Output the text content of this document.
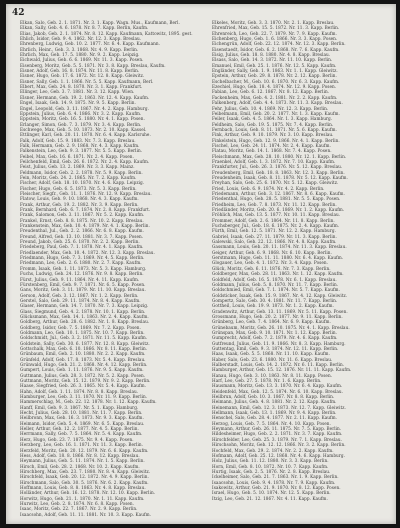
42

Elkan, Salo, Geb. 2. 1. 1871. Nr. 3. 1. Kapp. Wagn. Mus., Kaufmann, Berl.

Elkan, Sally, Geb. 4. 6. 1878. Nr. 8. 7. Kapp. Berlin, Kaufm.

Elias, Jakob, Geb. 2. 1. 1874. Nr. 8. 12. Kapp. Kaufmann, Kattowitz, 1895. gest.

Ehlich, Isidor, Geb. 9. 4. 1862. Nr. 12. 3. Kapp. Breslau.

Ehrenberg, Ludwig, Geb. 10. 2. 1877. Nr. 6. 4. Kapp. Kaufmann.

Ehrlich, Heinr., Geb. 3. 3. 1868. Nr. 4. 9. Kapp. Berlin.

Ehrlich, Max, Geb. 17. 5. 1880. Nr. 9. 2. Kapp. Leipzig.

Eichwald, Julius, Geb. 6. 6. 1869. Nr. 11. 3. Kapp. Posen.

Eisenberg, Moritz, Geb. 5. 5. 1871. Nr. 3. 8. Kapp. Breslau, Kaufm.

Eisner, Adolf, Geb. 16. 8. 1874. Nr. 11. 8. Kapp. Berlin.

Eisner, Hugo, Geb. 17. 6. 1872. Nr. 12. 8. Kapp. Gleiwitz.

Eisner, Sally, Geb. 1. 1. 1866. Nr. 5. 5. Kapp. Kaufmann, Berl.

Elbert, Max, Geb. 24. 8. 1870. Nr. 3. 1. Kapp. Frankfurt.

Ellinger, Leo, Geb. 3. 7. 1881. Nr. 3. 12. Kapp. Wien.

Elsner, Hermann, Geb. 19. 2. 1863. Nr. 12. 4. Kapp. Kaufm.

Engel, Isaak, Geb. 14. 9. 1875. Nr. 9. 5. Kapp. Berlin.

Engel, Leopold, Geb. 3. 11. 1867. Nr. 4. 2. Kapp. Hamburg.

Eppstein, Julius, Geb. 6. 4. 1866. Nr. 3. 2. Kapp. Kaufm.

Eppstein, Moritz, Geb. 16. 5. 1880. Nr. 4. 1. Kapp. Posen.

Erlanger, Simon, Geb. 7. 3. 1879. Nr. 3. 4. Kapp. Berlin.

Eschwege, Max, Geb. 5. 10. 1873. Nr. 2. 10. Kapp. Kassel.

Ettlinger, Karl, Geb. 20. 11. 1870. Nr. 6. 4. Kapp. Karlsruhe.

Falk, Adolf, Geb. 15. 9. 1883. Nr. 7. 3. Kapp. Breslau.

Falk, Hermann, Geb. 2. 9. 1868. Nr. 4. 3. Kapp. Kaufm.

Falkenstein, Leo, Geb. 9. 3. 1877. Nr. 5. 5. Kapp. Berlin.

Feibel, Max, Geb. 16. 6. 1871. Nr. 2. 4. Kapp. Posen.

Feilchenfeld, Emil, Geb. 26. 6. 1872. Nr. 2. 4. Kapp. Kaufm.

Feist, Julius, Geb. 13. 2. 1869. Nr. 3. 3. Kapp. Mainz.

Feldmann, Isidor, Geb. 2. 2. 1878. Nr. 5. 9. Kapp. Berlin.

Fein, Moritz, Geb. 24. 2. 1865. Nr. 7. 2. Kapp. Kaufm.

Fischer, Adolf, Geb. 18. 10. 1870. Nr. 4. 6. Kapp. Leipzig.

Fischer, Hugo, Geb. 6. 5. 1873. Nr. 5. 3. Kapp. Berlin.

Fleischer, Siegfr., Geb. 11. 1. 1876. Nr. 12. 9. Kapp. Breslau.

Flatow, Louis, Geb. 9. 10. 1868. Nr. 4. 3. Kapp. Kaufm.

Frank, Arthur, Geb. 19. 2. 1882. Nr. 3. 9. Kapp. Berlin.

Frank, Bernhard, Geb. 6. 7. 1874. Nr. 2. 8. Kapp. Frankfurt.

Frank, Salomon, Geb. 3. 11. 1867. Nr. 5. 2. Kapp. Kaufm.

Frankel, Ernst, Geb. 8. 8. 1875. Nr. 10. 2. Kapp. Breslau.

Frankenstein, Max, Geb. 10. 4. 1879. Nr. 4. 1. Kapp. Berlin.

Freudenthal, Jul., Geb. 2. 2. 1866. Nr. 6. 8. Kapp. Kaufm.

Freund, Alfred, Geb. 13. 10. 1881. Nr. 3. 7. Kapp. Posen.

Freund, Jakob, Geb. 25. 6. 1870. Nr. 2. 2. Kapp. Berlin.

Friedeberg, Paul, Geb. 7. 1. 1878. Nr. 4. 1. Kapp. Kaufm.

Friedlaender, Max, Geb. 10. 4. 1872. Nr. 12. 3. Kapp. Breslau.

Friedmann, Hugo, Geb. 7. 3. 1869. Nr. 4. 5. Kapp. Berlin.

Friedmann, Leo, Geb. 2. 6. 1880. Nr. 2. 7. Kapp. Kaufm.

Fromm, Isaak, Geb. 1. 11. 1873. Nr. 5. 3. Kapp. Hamburg.

Fuchs, Ludwig, Geb. 24. 12. 1876. Nr. 9. 8. Kapp. Berlin.

Fürst, Julius, Geb. 9. 11. 1864. Nr. 4. 11. Kapp. Kaufm.

Fürstenberg, Emil, Geb. 9. 7. 1871. Nr. 6. 5. Kapp. Posen.

Gans, Moritz, Geb. 3. 11. 1879. Nr. 11. 10. Kapp. Breslau.

Gerson, Adolf, Geb. 3. 12. 1867. Nr. 1. 2. Kapp. Berlin.

Gerstel, Salo, Geb. 29. 11. 1874. Nr. 8. 4. Kapp. Kaufm.

Glaser, Hermann, Geb. 14. 7. 1870. Nr. 7. 3. Kapp. Leipzig.

Glass, Siegmund, Geb. 4. 2. 1878. Nr. 10. 1. Kapp. Berlin.

Glücksmann, Max, Geb. 14. 1. 1863. Nr. 2. 4. Kapp. Kaufm.

Goldberg, Arthur, Geb. 28. 6. 1882. Nr. 1. 8. Kapp. Breslau.

Goldberg, Isidor, Geb. 7. 5. 1869. Nr. 7. 2. Kapp. Posen.

Goldmann, Leo, Geb. 10. 1. 1875. Nr. 10. 7. Kapp. Berlin.

Goldschmidt, Jul., Geb. 3. 2. 1871. Nr. 11. 5. Kapp. Kaufm.

Goldstein, Sally, Geb. 30. 6. 1877. Nr. 12. 8. Kapp. Gleiwitz.

Gottschalk, Max, Geb. 6. 10. 1866. Nr. 8. 11. Kapp. Berlin.

Grünbaum, Emil, Geb. 2. 10. 1880. Nr. 2. 2. Kapp. Kaufm.

Grünfeld, Adolf, Geb. 17. 8. 1873. Nr. 5. 4. Kapp. Breslau.

Grünwald, Hugo, Geb. 21. 2. 1868. Nr. 4. 12. Kapp. Berlin.

Gumpert, Louis, Geb. 1. 11. 1876. Nr. 9. 5. Kapp. Kaufm.

Guttmann, Julius, Geb. 28. 3. 1872. Nr. 5. 2. Kapp. Posen.

Guttmann, Moritz, Geb. 15. 12. 1879. Nr. 9. 2. Kapp. Berlin.

Haase, Siegfried, Geb. 26. 3. 1865. Nr. 5. 4. Kapp. Kaufm.

Hahn, Adolf, Geb. 1. 11. 1874. Nr. 8. 8. Kapp. Breslau.

Hamburger, Leo, Geb. 3. 11. 1870. Nr. 11. 9. Kapp. Berlin.

Hammerschlag, M., Geb. 22. 12. 1878. Nr. 1. 12. Kapp. Kaufm.

Hanff, Emil, Geb. 9. 3. 1867. Nr. 5. 1. Kapp. Hamburg.

Hecht, Julius, Geb. 28. 10. 1881. Nr. 11. 7. Kapp. Berlin.

Heilbronn, Max, Geb. 16. 3. 1873. Nr. 9. 3. Kapp. Kaufm.

Heimann, Isidor, Geb. 5. 4. 1869. Nr. 6. 5. Kapp. Breslau.

Heller, Arthur, Geb. 12. 2. 1877. Nr. 4. 5. Kapp. Berlin.

Herrmann, Sally, Geb. 7. 5. 1864. Nr. 5. 4. Kapp. Kaufm.

Herz, Hugo, Geb. 23. 7. 1875. Nr. 9. 4. Kapp. Posen.

Herzberg, Leo, Geb. 16. 1. 1871. Nr. 11. 3. Kapp. Berlin.

Herzfeld, Moritz, Geb. 20. 12. 1879. Nr. 6. 6. Kapp. Kaufm.

Hess, Adolf, Geb. 18. 8. 1866. Nr. 8. 12. Kapp. Breslau.

Heymann, Julius, Geb. 5. 11. 1874. Nr. 1. 5. Kapp. Berlin.

Hirsch, Emil, Geb. 28. 2. 1868. Nr. 10. 2. Kapp. Kaufm.

Hirschberg, Max, Geb. 23. 7. 1880. Nr. 8. 4. Kapp. Gleiwitz.

Hirschfeld, Isaak, Geb. 20. 12. 1872. Nr. 4. 9. Kapp. Berlin.

Hirschmann, Salo, Geb. 30. 5. 1876. Nr. 6. 2. Kapp. Kaufm.

Hoffmann, Louis, Geb. 8. 8. 1863. Nr. 4. 8. Kapp. Breslau.

Holländer, Arthur, Geb. 16. 12. 1878. Nr. 12. 10. Kapp. Berlin.

Horwitz, Hugo, Geb. 21. 1. 1870. Nr. 1. 11. Kapp. Kaufm.

Hurwitz, Leo, Geb. 2. 8. 1874. Nr. 6. 8. Kapp. Posen.

Isaac, Moritz, Geb. 22. 7. 1867. Nr. 2. 9. Kapp. Berlin.

Isaacsohn, Adolf, Geb. 11. 11. 1881. Nr. 10. 3. Kapp. Kaufm.

Elkeles, Moritz, Geb. 3. 3. 1870. Nr. 2. 1. Kapp. Breslau.

Ehrenfried, Max, Geb. 15. 5. 1872. Nr. 11. 3. Kapp. Berlin.

Ehrenreich, Leo, Geb. 22. 7. 1879. Nr. 7. 9. Kapp. Kaufm.

Eichenberg, Hugo, Geb. 1. 6. 1866. Nr. 3. 3. Kapp. Posen.

Eichengrün, Adolf, Geb. 22. 12. 1874. Nr. 12. 3. Kapp. Berlin.

Eisenstaedt, Isidor, Geb. 6. 2. 1868. Nr. 7. 6. Kapp. Kaufm.

Eisig, Julius, Geb. 18. 8. 1880. Nr. 4. 8. Kapp. Breslau.

Elsass, Salo, Geb. 14. 3. 1872. Nr. 11. 10. Kapp. Berlin.

Emanuel, Emil, Geb. 25. 1. 1876. Nr. 12. 5. Kapp. Kaufm.

Engländer, Sally, Geb. 1. 9. 1863. Nr. 1. 1. Kapp. Gleiwitz.

Epstein, Arthur, Geb. 29. 8. 1878. Nr. 2. 12. Kapp. Berlin.

Eschelbacher, M., Geb. 10. 6. 1870. Nr. 6. 3. Kapp. Kaufm.

Ezechiel, Hugo, Geb. 18. 4. 1874. Nr. 12. 9. Kapp. Posen.

Fabian, Leo, Geb. 6. 12. 1867. Nr. 8. 12. Kapp. Berlin.

Fackenheim, Max, Geb. 4. 2. 1881. Nr. 2. 2. Kapp. Kaufm.

Falkenberg, Adolf, Geb. 4. 4. 1873. Nr. 11. 3. Kapp. Breslau.

Fehr, Julius, Geb. 10. 4. 1869. Nr. 12. 3. Kapp. Berlin.

Feibelmann, Emil, Geb. 20. 2. 1877. Nr. 1. 3. Kapp. Kaufm.

Feiler, Isaak, Geb. 4. 5. 1864. Nr. 1. 3. Kapp. Hamburg.

Feldheim, Salo, Geb. 19. 5. 1875. Nr. 7. 4. Kapp. Berlin.

Fernbach, Louis, Geb. 8. 11. 1871. Nr. 5. 6. Kapp. Kaufm.

Fink, Arthur, Geb. 9. 10. 1879. Nr. 3. 10. Kapp. Breslau.

Finkelstein, Hugo, Geb. 12. 9. 1866. Nr. 4. 1. Kapp. Berlin.

Fischel, Leo, Geb. 24. 11. 1874. Nr. 2. 4. Kapp. Kaufm.

Flatau, Moritz, Geb. 14. 1. 1868. Nr. 7. 4. Kapp. Posen.

Fleischmann, Max, Geb. 28. 10. 1880. Nr. 12. 1. Kapp. Berlin.

Fraenkel, Adolf, Geb. 1. 3. 1872. Nr. 7. 10. Kapp. Kaufm.

Frankfurter, Jul., Geb. 26. 3. 1876. Nr. 5. 12. Kapp. Breslau.

Freudenberg, Emil, Geb. 18. 8. 1863. Nr. 12. 3. Kapp. Berlin.

Freudenheim, Isaak, Geb. 8. 11. 1878. Nr. 5. 12. Kapp. Kaufm.

Freyhan, Salo, Geb. 25. 6. 1870. Nr. 5. 12. Kapp. Gleiwitz.

Fried, Louis, Geb. 6. 9. 1874. Nr. 4. 2. Kapp. Berlin.

Friedemann, Arthur, Geb. 3. 12. 1867. Nr. 8. 6. Kapp. Kaufm.

Friedenthal, Hugo, Geb. 28. 5. 1881. Nr. 5. 5. Kapp. Posen.

Friedheim, Leo, Geb. 7. 8. 1873. Nr. 11. 12. Kapp. Berlin.

Friedländer, Moritz, Geb. 20. 6. 1869. Nr. 1. 2. Kapp. Kaufm.

Fröhlich, Max, Geb. 13. 5. 1877. Nr. 10. 11. Kapp. Breslau.

Frommer, Adolf, Geb. 2. 6. 1864. Nr. 11. 8. Kapp. Berlin.

Fuchsberger, Jul., Geb. 18. 6. 1875. Nr. 2. 4. Kapp. Kaufm.

Fürth, Emil, Geb. 12. 5. 1871. Nr. 12. 2. Kapp. Hamburg.

Gabriel, Isaak, Geb. 27. 11. 1879. Nr. 11. 3. Kapp. Berlin.

Galewski, Salo, Geb. 22. 12. 1866. Nr. 4. 8. Kapp. Kaufm.

Gassmann, Louis, Geb. 20. 11. 1874. Nr. 11. 3. Kapp. Breslau.

Geiger, Arthur, Geb. 6. 9. 1868. Nr. 6. 10. Kapp. Berlin.

Gerstmann, Hugo, Geb. 11. 11. 1880. Nr. 6. 4. Kapp. Kaufm.

Glogauer, Leo, Geb. 4. 1. 1872. Nr. 3. 4. Kapp. Posen.

Glück, Moritz, Geb. 6. 11. 1876. Nr. 7. 3. Kapp. Berlin.

Goldberger, Max, Geb. 28. 11. 1863. Nr. 1. 12. Kapp. Kaufm.

Goldfeld, Adolf, Geb. 16. 5. 1878. Nr. 6. 1. Kapp. Breslau.

Goldmann, Julius, Geb. 5. 8. 1870. Nr. 11. 7. Kapp. Berlin.

Goldschmied, Emil, Geb. 7. 1. 1874. Nr. 5. 7. Kapp. Kaufm.

Goldsticker, Isaak, Geb. 15. 9. 1867. Nr. 4. 12. Kapp. Gleiwitz.

Gompertz, Salo, Geb. 30. 4. 1881. Nr. 11. 7. Kapp. Berlin.

Gottheil, Louis, Geb. 19. 9. 1873. Nr. 1. 2. Kapp. Kaufm.

Gradenwitz, Arthur, Geb. 13. 11. 1869. Nr. 5. 11. Kapp. Posen.

Grossmann, Hugo, Geb. 20. 2. 1877. Nr. 9. 11. Kapp. Berlin.

Grünberg, Leo, Geb. 7. 4. 1864. Nr. 6. 9. Kapp. Kaufm.

Grünebaum, Moritz, Geb. 26. 10. 1875. Nr. 4. 1. Kapp. Breslau.

Grünspan, Max, Geb. 9. 10. 1871. Nr. 1. 12. Kapp. Berlin.

Gumprecht, Adolf, Geb. 7. 2. 1879. Nr. 4. 6. Kapp. Kaufm.

Gutfreund, Julius, Geb. 11. 9. 1866. Nr. 8. 3. Kapp. Hamburg.

Guttentag, Emil, Geb. 9. 3. 1874. Nr. 12. 11. Kapp. Berlin.

Haas, Isaak, Geb. 5. 5. 1868. Nr. 11. 10. Kapp. Kaufm.

Haber, Salo, Geb. 23. 6. 1880. Nr. 11. 6. Kapp. Breslau.

Halberstadt, Louis, Geb. 14. 2. 1872. Nr. 6. 11. Kapp. Berlin.

Hamburger, Arthur, Geb. 15. 12. 1876. Nr. 11. 11. Kapp. Kaufm.

Hanau, Hugo, Geb. 3. 10. 1863. Nr. 8. 11. Kapp. Posen.

Harf, Leo, Geb. 27. 5. 1878. Nr. 1. 6. Kapp. Berlin.

Hausmann, Moritz, Geb. 13. 3. 1870. Nr. 6. 4. Kapp. Kaufm.

Heidenfeld, Max, Geb. 12. 5. 1874. Nr. 6. 10. Kapp. Breslau.

Heilbrun, Adolf, Geb. 10. 3. 1867. Nr. 8. 8. Kapp. Berlin.

Heimann, Julius, Geb. 4. 8. 1881. Nr. 2. 12. Kapp. Kaufm.

Heinemann, Emil, Geb. 12. 3. 1873. Nr. 12. 7. Kapp. Gleiwitz.

Hellmann, Isaak, Geb. 13. 1. 1869. Nr. 9. 4. Kapp. Berlin.

Henschel, Salo, Geb. 28. 4. 1877. Nr. 2. 11. Kapp. Kaufm.

Herzog, Louis, Geb. 7. 5. 1864. Nr. 4. 10. Kapp. Posen.

Heymann, Arthur, Geb. 26. 11. 1875. Nr. 7. 5. Kapp. Berlin.

Hildesheimer, Hugo, Geb. 2. 2. 1871. Nr. 3. 7. Kapp. Kaufm.

Hirschfelder, Leo, Geb. 25. 3. 1879. Nr. 7. 1. Kapp. Breslau.

Hirschsohn, Moritz, Geb. 12. 12. 1866. Nr. 3. 2. Kapp. Berlin.

Hochfeld, Max, Geb. 29. 2. 1874. Nr. 2. 2. Kapp. Kaufm.

Hofmann, Adolf, Geb. 25. 12. 1868. Nr. 4. 6. Kapp. Hamburg.

Holz, Julius, Geb. 11. 12. 1880. Nr. 3. 3. Kapp. Berlin.

Horn, Emil, Geb. 8. 10. 1872. Nr. 10. 7. Kapp. Kaufm.

Hurtig, Isaak, Geb. 2. 5. 1876. Nr. 2. 8. Kapp. Breslau.

Ickelheimer, Salo, Geb. 21. 7. 1863. Nr. 1. 9. Kapp. Berlin.

Isaacsohn, Louis, Geb. 9. 4. 1878. Nr. 7. 9. Kapp. Kaufm.

Isakowitz, Arthur, Geb. 21. 9. 1870. Nr. 8. 12. Kapp. Posen.

Israel, Hugo, Geb. 5. 10. 1874. Nr. 12. 5. Kapp. Berlin.

Itzig, Leo, Geb. 21. 12. 1867. Nr. 4. 11. Kapp. Kaufm.
